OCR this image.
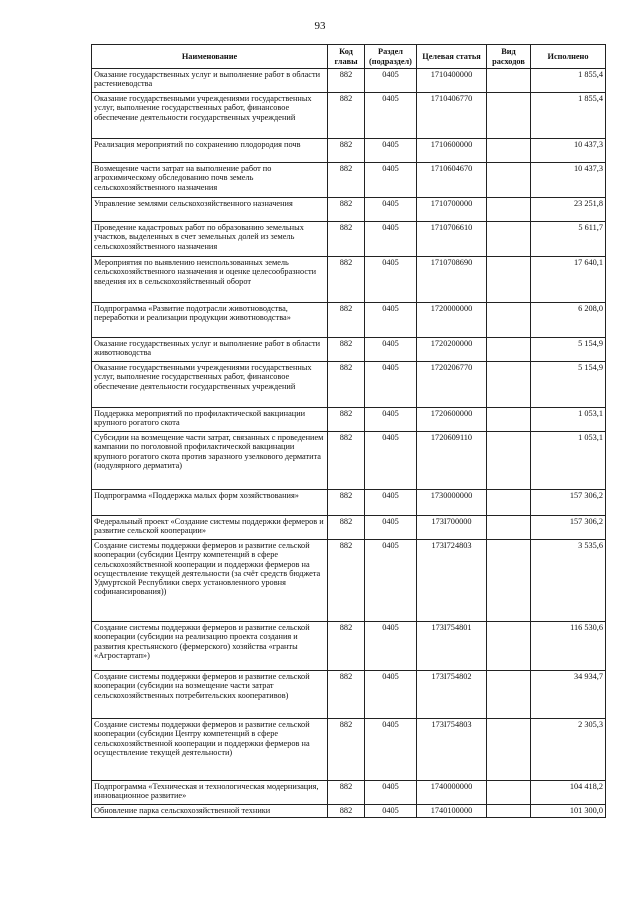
93
Наименование	Код главы	Раздел (подраздел)	Целевая статья	Вид расходов	Исполнено
Оказание государственных услуг и выполнение работ в области растениеводства	882	0405	1710400000		1 855,4
Оказание государственными учреждениями государственных услуг, выполнение государственных работ, финансовое обеспечение деятельности государственных учреждений	882	0405	1710406770		1 855,4
Реализация мероприятий по сохранению плодородия почв	882	0405	1710600000		10 437,3
Возмещение части затрат на выполнение работ по агрохимическому обследованию почв земель сельскохозяйственного назначения	882	0405	1710604670		10 437,3
Управление землями сельскохозяйственного назначения	882	0405	1710700000		23 251,8
Проведение кадастровых работ по образованию земельных участков, выделенных в счет земельных долей из земель сельскохозяйственного назначения	882	0405	1710706610		5 611,7
Мероприятия по выявлению неиспользованных земель сельскохозяйственного назначения и оценке целесообразности введения их в сельскохозяйственный оборот	882	0405	1710708690		17 640,1
Подпрограмма «Развитие подотрасли животноводства, переработки и реализации продукции животноводства»	882	0405	1720000000		6 208,0
Оказание государственных услуг и выполнение работ в области животноводства	882	0405	1720200000		5 154,9
Оказание государственными учреждениями государственных услуг, выполнение государственных работ, финансовое обеспечение деятельности государственных учреждений	882	0405	1720206770		5 154,9
Поддержка мероприятий по профилактической вакцинации крупного рогатого скота	882	0405	1720600000		1 053,1
Субсидии на возмещение части затрат, связанных с проведением кампании по поголовной профилактической вакцинации крупного рогатого скота против заразного узелкового дерматита (нодулярного дерматита)	882	0405	1720609110		1 053,1
Подпрограмма «Поддержка малых форм хозяйствования»	882	0405	1730000000		157 306,2
Федеральный проект «Создание системы поддержки фермеров и развитие сельской кооперации»	882	0405	173I700000		157 306,2
Создание системы поддержки фермеров и развитие сельской кооперации (субсидии Центру компетенций в сфере сельскохозяйственной кооперации и поддержки фермеров на осуществление текущей деятельности (за счёт средств бюджета Удмуртской Республики сверх установленного уровня софинансирования))	882	0405	173I724803		3 535,6
Создание системы поддержки фермеров и развитие сельской кооперации (субсидии на реализацию проекта создания и развития крестьянского (фермерского) хозяйства «гранты «Агростартап»)	882	0405	173I754801		116 530,6
Создание системы поддержки фермеров и развитие сельской кооперации (субсидии на возмещение части затрат сельскохозяйственных потребительских кооперативов)	882	0405	173I754802		34 934,7
Создание системы поддержки фермеров и развитие сельской кооперации (субсидии Центру компетенций в сфере сельскохозяйственной кооперации и поддержки фермеров на осуществление текущей деятельности)	882	0405	173I754803		2 305,3
Подпрограмма «Техническая и технологическая модернизация, инновационное развитие»	882	0405	1740000000		104 418,2
Обновление парка сельскохозяйственной техники	882	0405	1740100000		101 300,0
